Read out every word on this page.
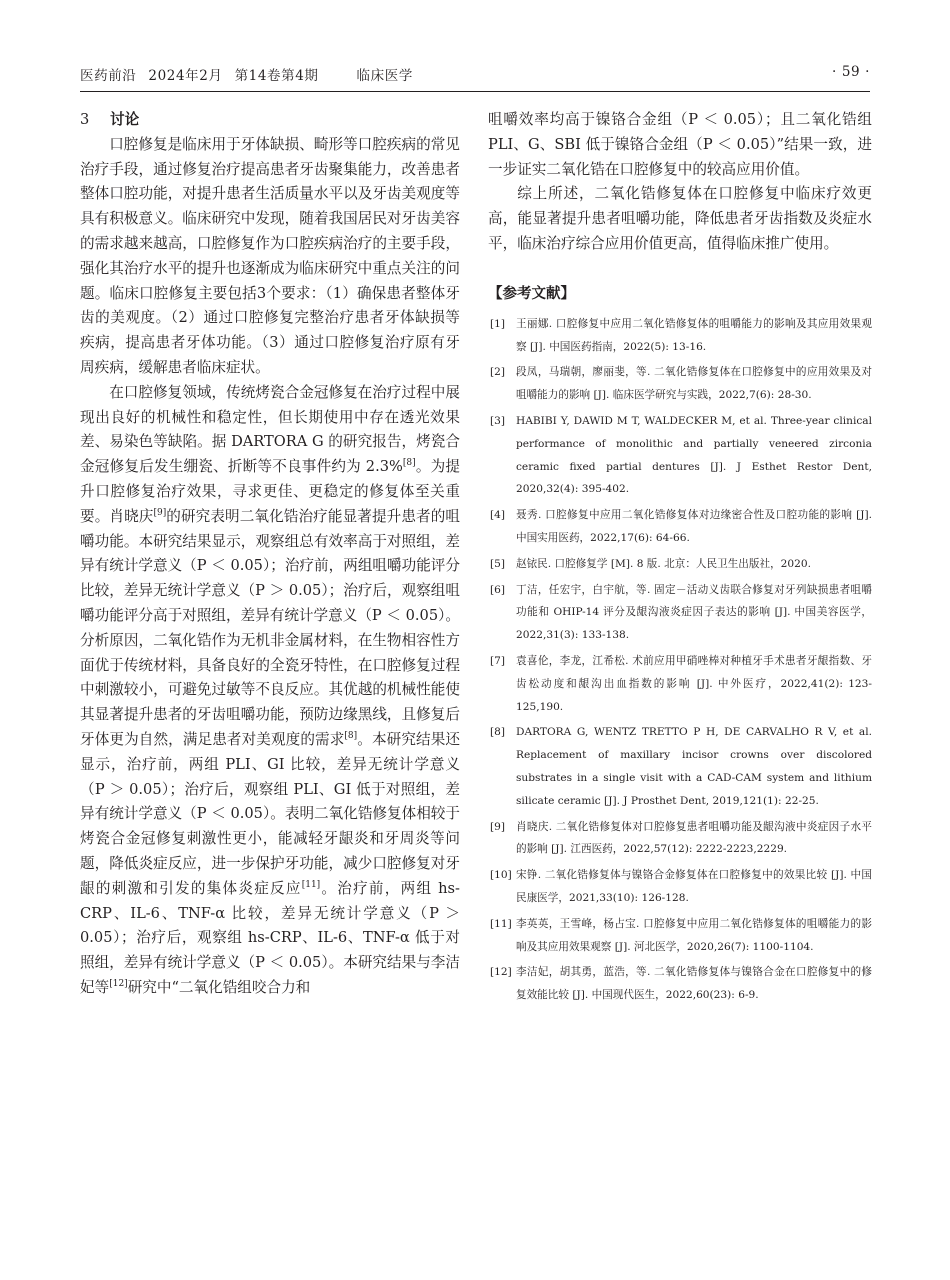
医药前沿 2024年2月 第14卷第4期	临床医学	· 59 ·
3 讨论

口腔修复是临床用于牙体缺损、畸形等口腔疾病的常见治疗手段，通过修复治疗提高患者牙齿聚集能力，改善患者整体口腔功能，对提升患者生活质量水平以及牙齿美观度等具有积极意义。临床研究中发现，随着我国居民对牙齿美容的需求越来越高，口腔修复作为口腔疾病治疗的主要手段，强化其治疗水平的提升也逐渐成为临床研究中重点关注的问题。临床口腔修复主要包括3个要求：（1）确保患者整体牙齿的美观度。（2）通过口腔修复完整治疗患者牙体缺损等疾病，提高患者牙体功能。（3）通过口腔修复治疗原有牙周疾病，缓解患者临床症状。

在口腔修复领域，传统烤瓷合金冠修复在治疗过程中展现出良好的机械性和稳定性，但长期使用中存在透光效果差、易染色等缺陷。据 DARTORA G 的研究报告，烤瓷合金冠修复后发生绷瓷、折断等不良事件约为 2.3%[8]。为提升口腔修复治疗效果，寻求更佳、更稳定的修复体至关重要。肖晓庆[9]的研究表明二氧化锆治疗能显著提升患者的咀嚼功能。本研究结果显示，观察组总有效率高于对照组，差异有统计学意义（P ＜ 0.05）；治疗前，两组咀嚼功能评分比较，差异无统计学意义（P ＞ 0.05）；治疗后，观察组咀嚼功能评分高于对照组，差异有统计学意义（P ＜ 0.05）。分析原因，二氧化锆作为无机非金属材料，在生物相容性方面优于传统材料，具备良好的全瓷牙特性，在口腔修复过程中刺激较小，可避免过敏等不良反应。其优越的机械性能使其显著提升患者的牙齿咀嚼功能，预防边缘黑线，且修复后牙体更为自然，满足患者对美观度的需求[8]。本研究结果还显示，治疗前，两组 PLI、GI 比较，差异无统计学意义（P ＞ 0.05）；治疗后，观察组 PLI、GI 低于对照组，差异有统计学意义（P ＜ 0.05）。表明二氧化锆修复体相较于烤瓷合金冠修复刺激性更小，能减轻牙龈炎和牙周炎等问题，降低炎症反应，进一步保护牙功能，减少口腔修复对牙龈的刺激和引发的集体炎症反应[11]。治疗前，两组 hs-CRP、IL-6、TNF-α 比较，差异无统计学意义（P ＞ 0.05）；治疗后，观察组 hs-CRP、IL-6、TNF-α 低于对照组，差异有统计学意义（P ＜ 0.05）。本研究结果与李洁妃等[12]研究中“二氧化锆组咬合力和

咀嚼效率均高于镍铬合金组（P ＜ 0.05）；且二氧化锆组 PLI、G、SBI 低于镍铬合金组（P ＜ 0.05）”结果一致，进一步证实二氧化锆在口腔修复中的较高应用价值。

综上所述，二氧化锆修复体在口腔修复中临床疗效更高，能显著提升患者咀嚼功能，降低患者牙齿指数及炎症水平，临床治疗综合应用价值更高，值得临床推广使用。

【参考文献】
[1] 王丽娜. 口腔修复中应用二氧化锆修复体的咀嚼能力的影响及其应用效果观察 [J]. 中国医药指南，2022(5): 13-16.
[2] 段凤，马瑞朝，廖丽斐，等. 二氧化锆修复体在口腔修复中的应用效果及对咀嚼能力的影响 [J]. 临床医学研究与实践，2022,7(6): 28-30.
[3] HABIBI Y, DAWID M T, WALDECKER M, et al. Three-year clinical performance of monolithic and partially veneered zirconia ceramic fixed partial dentures [J]. J Esthet Restor Dent, 2020,32(4): 395-402.
[4] 聂秀. 口腔修复中应用二氧化锆修复体对边缘密合性及口腔功能的影响 [J]. 中国实用医药，2022,17(6): 64-66.
[5] 赵铱民. 口腔修复学 [M]. 8 版. 北京：人民卫生出版社，2020.
[6] 丁洁，任宏宇，白宇航，等. 固定－活动义齿联合修复对牙列缺损患者咀嚼功能和 OHIP-14 评分及龈沟液炎症因子表达的影响 [J]. 中国美容医学，2022,31(3): 133-138.
[7] 袁喜伦，李龙，江希松. 术前应用甲硝唑棒对种植牙手术患者牙龈指数、牙齿松动度和龈沟出血指数的影响 [J]. 中外医疗，2022,41(2): 123-125,190.
[8] DARTORA G, WENTZ TRETTO P H, DE CARVALHO R V, et al. Replacement of maxillary incisor crowns over discolored substrates in a single visit with a CAD-CAM system and lithium silicate ceramic [J]. J Prosthet Dent, 2019,121(1): 22-25.
[9] 肖晓庆. 二氧化锆修复体对口腔修复患者咀嚼功能及龈沟液中炎症因子水平的影响 [J]. 江西医药，2022,57(12): 2222-2223,2229.
[10] 宋铮. 二氧化锆修复体与镍铬合金修复体在口腔修复中的效果比较 [J]. 中国民康医学，2021,33(10): 126-128.
[11] 李英英，王雪峰，杨占宝. 口腔修复中应用二氧化锆修复体的咀嚼能力的影响及其应用效果观察 [J]. 河北医学，2020,26(7): 1100-1104.
[12] 李洁妃，胡其勇，蓝浩，等. 二氧化锆修复体与镍铬合金在口腔修复中的修复效能比较 [J]. 中国现代医生，2022,60(23): 6-9.
